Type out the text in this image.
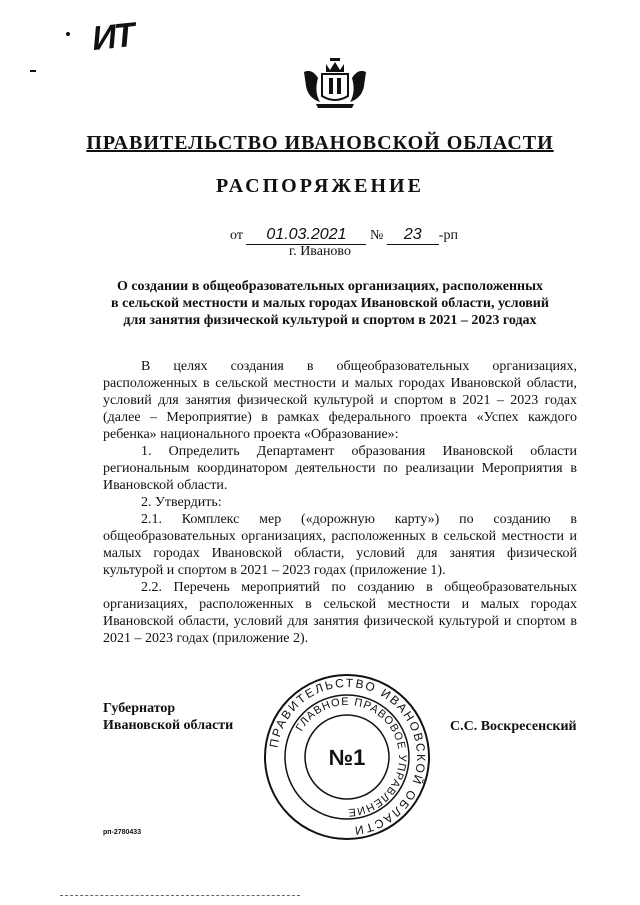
ИТ
ПРАВИТЕЛЬСТВО ИВАНОВСКОЙ ОБЛАСТИ
РАСПОРЯЖЕНИЕ
от 01.03.2021 № 23 -рп
г. Иваново
О создании в общеобразовательных организациях, расположенных
в сельской местности и малых городах Ивановской области, условий
для занятия физической культурой и спортом в 2021 – 2023 годах

В целях создания в общеобразовательных организациях, расположенных в сельской местности и малых городах Ивановской области, условий для занятия физической культурой и спортом в 2021 – 2023 годах (далее – Мероприятие) в рамках федерального проекта «Успех каждого ребенка» национального проекта «Образование»:

1. Определить Департамент образования Ивановской области региональным координатором деятельности по реализации Мероприятия в Ивановской области.

2. Утвердить:

2.1. Комплекс мер («дорожную карту») по созданию в общеобразовательных организациях, расположенных в сельской местности и малых городах Ивановской области, условий для занятия физической культурой и спортом в 2021 – 2023 годах (приложение 1).

2.2. Перечень мероприятий по созданию в общеобразовательных организациях, расположенных в сельской местности и малых городах Ивановской области, условий для занятия физической культурой и спортом в 2021 – 2023 годах (приложение 2).

Губернатор
Ивановской области
ПРАВИТЕЛЬСТВО ИВАНОВСКОЙ ОБЛАСТИ
ГЛАВНОЕ ПРАВОВОЕ УПРАВЛЕНИЕ
№1
С.С. Воскресенский
рп-2780433
